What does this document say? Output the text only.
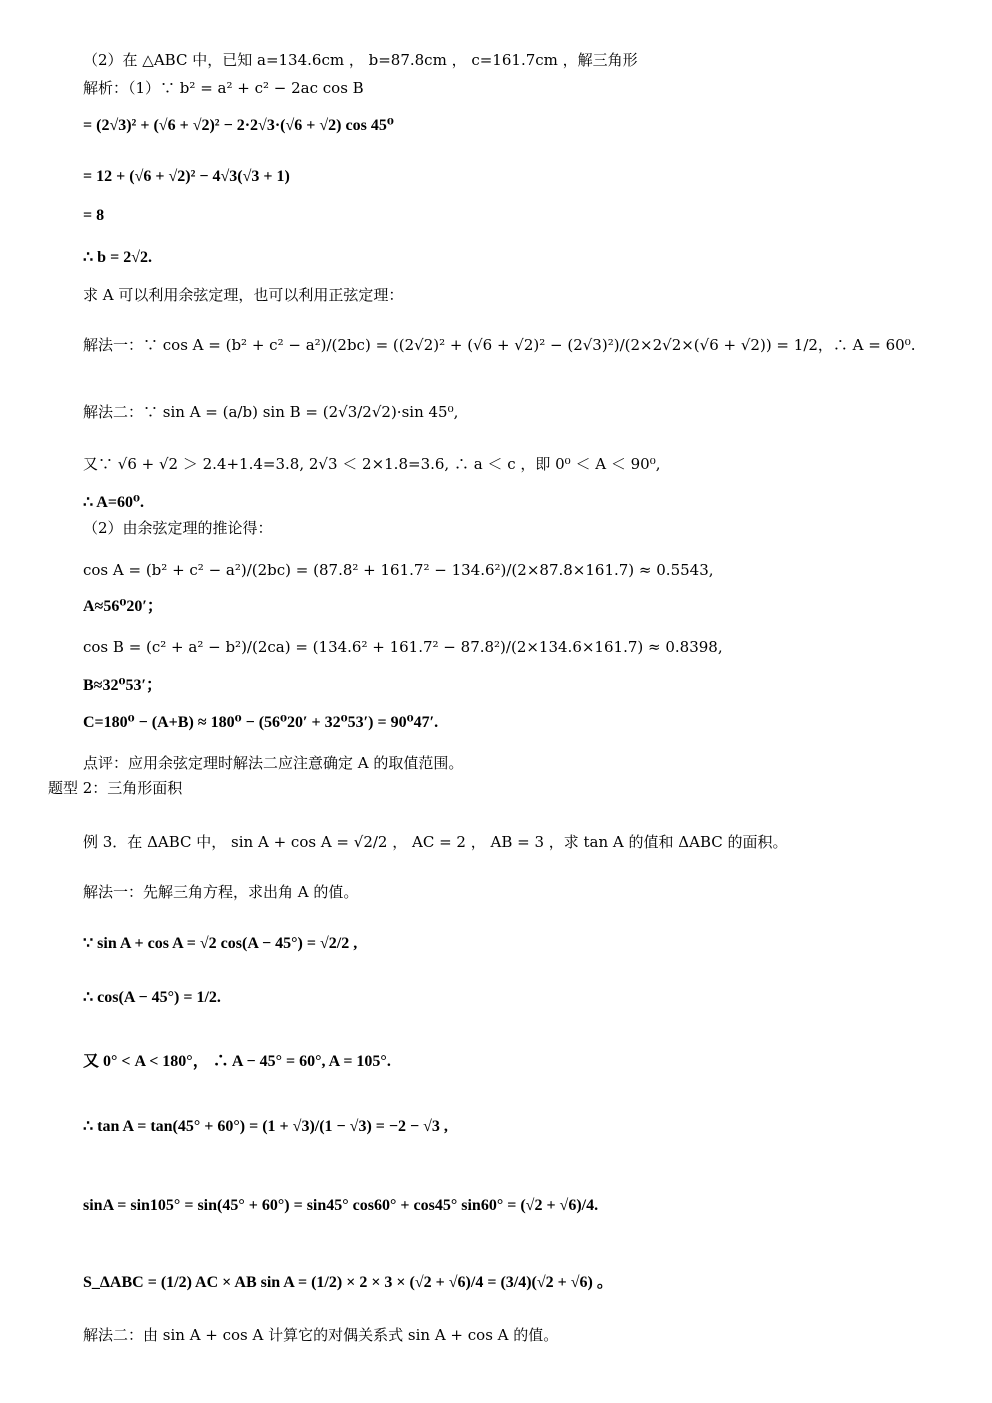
（2）在 △ABC 中，已知 a=134.6cm ， b=87.8cm ， c=161.7cm ，解三角形
解析：（1）∵ b² = a² + c² − 2ac cos B
= (2√3)² + (√6 + √2)² − 2·2√3·(√6 + √2) cos 45⁰
= 12 + (√6 + √2)² − 4√3(√3 + 1)
= 8
∴ b = 2√2.
求 A 可以利用余弦定理，也可以利用正弦定理：
解法一：∵ cos A = (b² + c² − a²)/(2bc) = ((2√2)² + (√6 + √2)² − (2√3)²)/(2×2√2×(√6 + √2)) = 1/2，∴ A = 60⁰.
解法二：∵ sin A = (a/b) sin B = (2√3/2√2)·sin 45⁰,
又∵ √6 + √2 ＞ 2.4+1.4=3.8, 2√3 ＜ 2×1.8=3.6, ∴ a ＜ c ，即 0⁰ ＜ A ＜ 90⁰,
∴ A=60⁰.
（2）由余弦定理的推论得：
cos A = (b² + c² − a²)/(2bc) = (87.8² + 161.7² − 134.6²)/(2×87.8×161.7) ≈ 0.5543,
A≈56⁰20′；
cos B = (c² + a² − b²)/(2ca) = (134.6² + 161.7² − 87.8²)/(2×134.6×161.7) ≈ 0.8398,
B≈32⁰53′；
C=180⁰ − (A+B) ≈ 180⁰ − (56⁰20′ + 32⁰53′) = 90⁰47′.
点评：应用余弦定理时解法二应注意确定 A 的取值范围。
题型 2：三角形面积
例 3．在 ΔABC 中， sin A + cos A = √2/2 ， AC = 2 ， AB = 3 ，求 tan A 的值和 ΔABC 的面积。
解法一：先解三角方程，求出角 A 的值。
∵ sin A + cos A = √2 cos(A − 45°) = √2/2 ,
∴ cos(A − 45°) = 1/2.
又 0° < A < 180°， ∴ A − 45° = 60°, A = 105°.
∴ tan A = tan(45° + 60°) = (1 + √3)/(1 − √3) = −2 − √3 ,
sinA = sin105° = sin(45° + 60°) = sin45° cos60° + cos45° sin60° = (√2 + √6)/4.
S_ΔABC = (1/2) AC × AB sin A = (1/2) × 2 × 3 × (√2 + √6)/4 = (3/4)(√2 + √6) 。
解法二：由 sin A + cos A 计算它的对偶关系式 sin A + cos A 的值。
